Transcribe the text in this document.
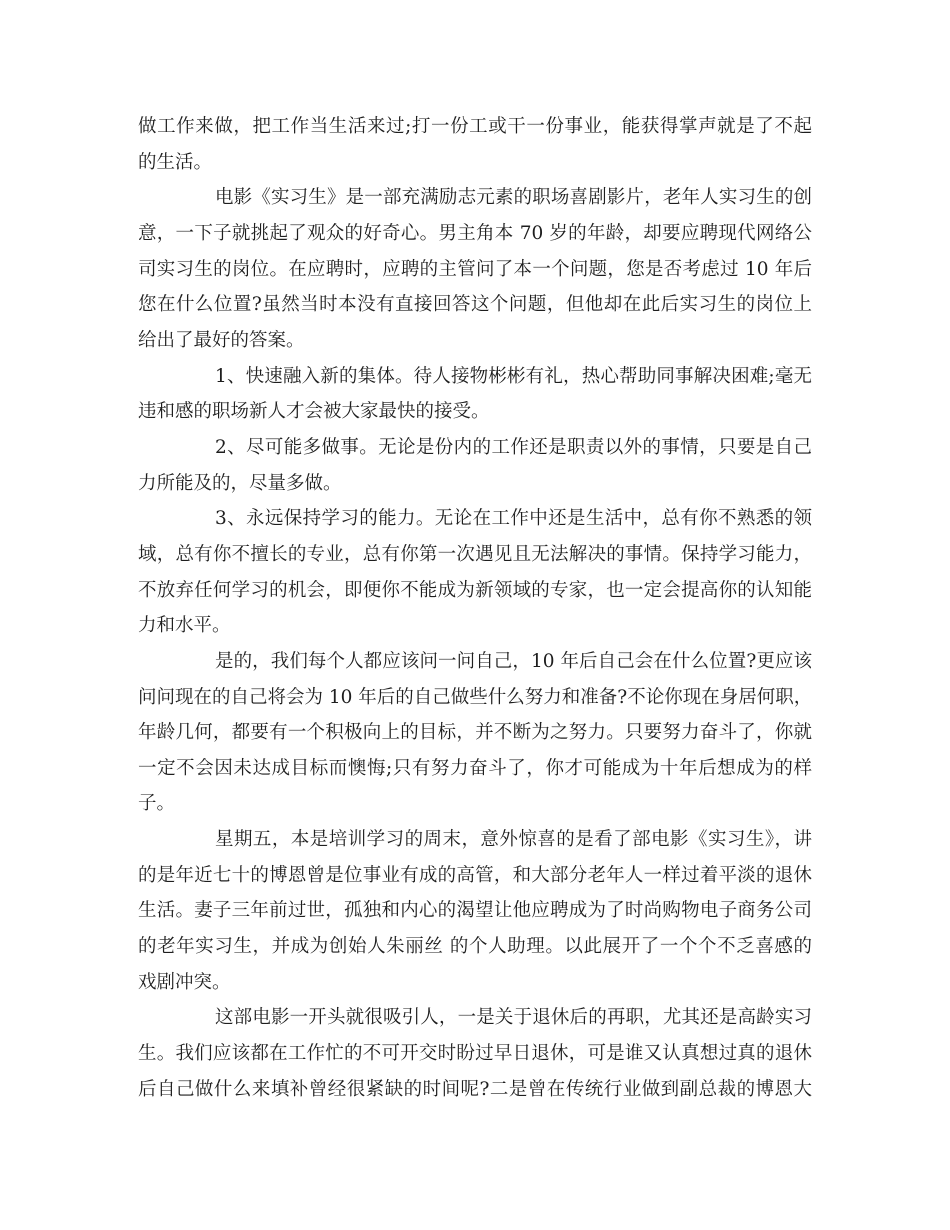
做工作来做，把工作当生活来过;打一份工或干一份事业，能获得掌声就是了不起
的生活。
电影《实习生》是一部充满励志元素的职场喜剧影片，老年人实习生的创
意，一下子就挑起了观众的好奇心。男主角本 70 岁的年龄，却要应聘现代网络公
司实习生的岗位。在应聘时，应聘的主管问了本一个问题，您是否考虑过 10 年后
您在什么位置?虽然当时本没有直接回答这个问题，但他却在此后实习生的岗位上
给出了最好的答案。
1、快速融入新的集体。待人接物彬彬有礼，热心帮助同事解决困难;毫无
违和感的职场新人才会被大家最快的接受。
2、尽可能多做事。无论是份内的工作还是职责以外的事情，只要是自己
力所能及的，尽量多做。
3、永远保持学习的能力。无论在工作中还是生活中，总有你不熟悉的领
域，总有你不擅长的专业，总有你第一次遇见且无法解决的事情。保持学习能力，
不放弃任何学习的机会，即便你不能成为新领域的专家，也一定会提高你的认知能
力和水平。
是的，我们每个人都应该问一问自己，10 年后自己会在什么位置?更应该
问问现在的自己将会为 10 年后的自己做些什么努力和准备?不论你现在身居何职，
年龄几何，都要有一个积极向上的目标，并不断为之努力。只要努力奋斗了，你就
一定不会因未达成目标而懊悔;只有努力奋斗了，你才可能成为十年后想成为的样
子。
星期五，本是培训学习的周末，意外惊喜的是看了部电影《实习生》，讲
的是年近七十的博恩曾是位事业有成的高管，和大部分老年人一样过着平淡的退休
生活。妻子三年前过世，孤独和内心的渴望让他应聘成为了时尚购物电子商务公司
的老年实习生，并成为创始人朱丽丝 的个人助理。以此展开了一个个不乏喜感的
戏剧冲突。
这部电影一开头就很吸引人，一是关于退休后的再职，尤其还是高龄实习
生。我们应该都在工作忙的不可开交时盼过早日退休，可是谁又认真想过真的退休
后自己做什么来填补曾经很紧缺的时间呢?二是曾在传统行业做到副总裁的博恩大
